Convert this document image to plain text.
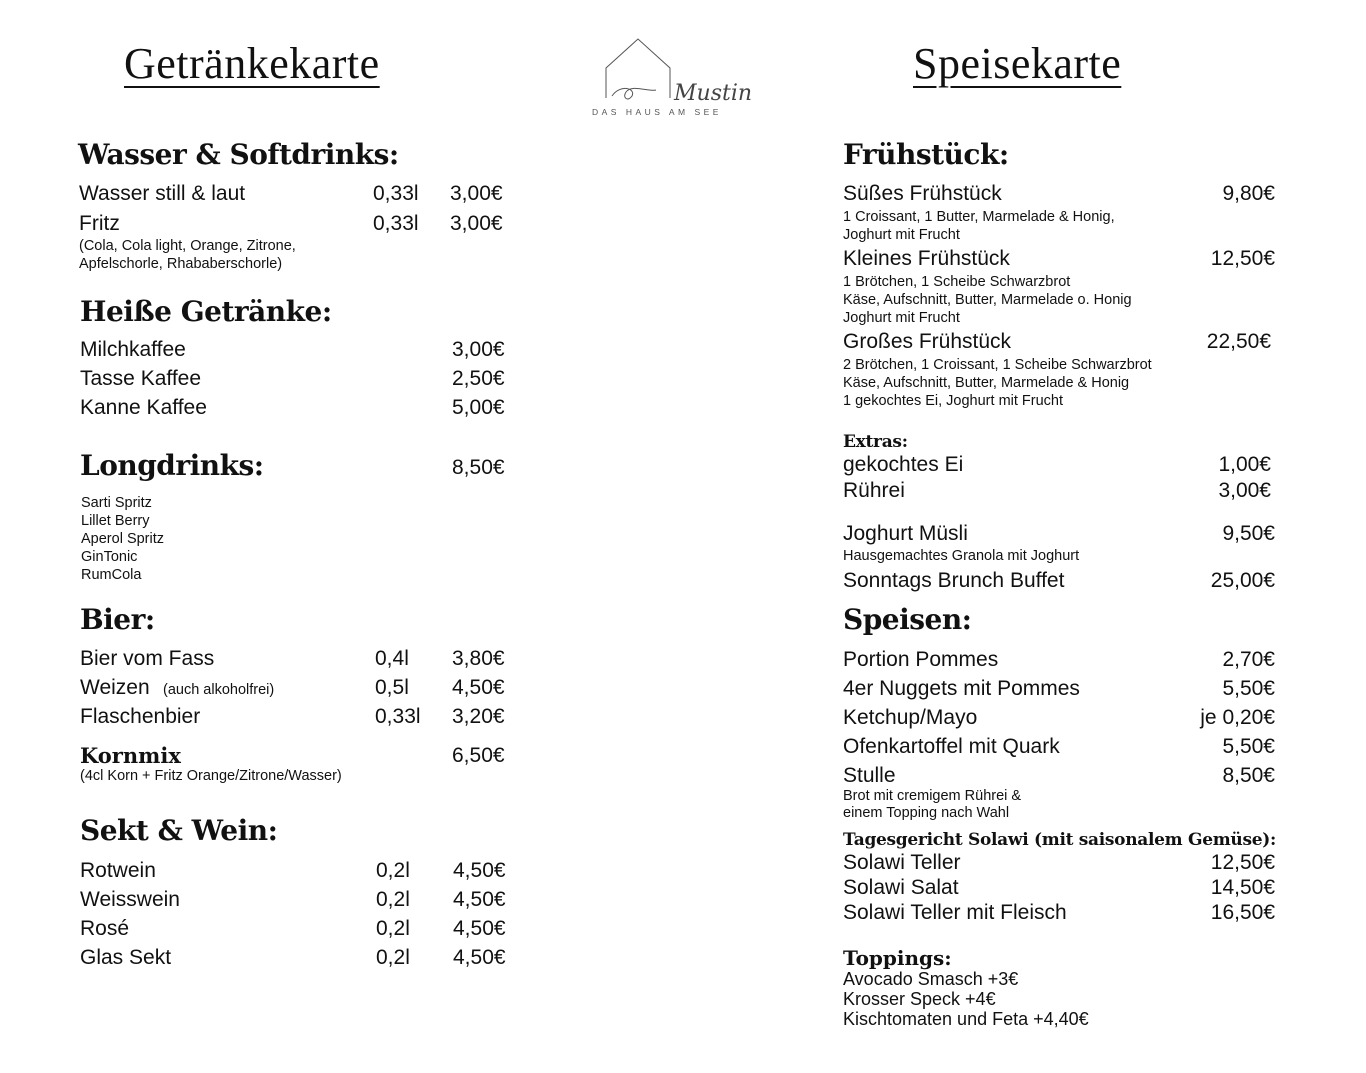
Getränkekarte
Wasser & Softdrinks:
Wasser still & laut	0,33l 3,00€
Fritz	0,33l 3,00€
(Cola, Cola light, Orange, Zitrone,
Apfelschorle, Rhababerschorle)
Heiße Getränke:
Milchkaffee	3,00€
Tasse Kaffee	2,50€
Kanne Kaffee	5,00€
Longdrinks:	8,50€
Sarti Spritz
Lillet Berry
Aperol Spritz
GinTonic
RumCola
Bier:
Bier vom Fass	0,4l 3,80€
Weizen (auch alkoholfrei)	0,5l 4,50€
Flaschenbier	0,33l 3,20€
Kornmix	6,50€
(4cl Korn + Fritz Orange/Zitrone/Wasser)
Sekt & Wein:
Rotwein	0,2l 4,50€
Weisswein	0,2l 4,50€
Rosé	0,2l 4,50€
Glas Sekt	0,2l 4,50€
Mustin
DAS HAUS AM SEE
Speisekarte
Frühstück:
Süßes Frühstück	9,80€
1 Croissant, 1 Butter, Marmelade & Honig,
Joghurt mit Frucht
Kleines Frühstück	12,50€
1 Brötchen, 1 Scheibe Schwarzbrot
Käse, Aufschnitt, Butter, Marmelade o. Honig
Joghurt mit Frucht
Großes Frühstück	22,50€
2 Brötchen, 1 Croissant, 1 Scheibe Schwarzbrot
Käse, Aufschnitt, Butter, Marmelade & Honig
1 gekochtes Ei, Joghurt mit Frucht
Extras:
gekochtes Ei	1,00€
Rührei	3,00€
Joghurt Müsli	9,50€
Hausgemachtes Granola mit Joghurt
Sonntags Brunch Buffet	25,00€
Speisen:
Portion Pommes	2,70€
4er Nuggets mit Pommes	5,50€
Ketchup/Mayo	je 0,20€
Ofenkartoffel mit Quark	5,50€
Stulle	8,50€
Brot mit cremigem Rührei &
einem Topping nach Wahl
Tagesgericht Solawi (mit saisonalem Gemüse):
Solawi Teller	12,50€
Solawi Salat	14,50€
Solawi Teller mit Fleisch	16,50€
Toppings:
Avocado Smasch +3€
Krosser Speck +4€
Kischtomaten und Feta +4,40€
